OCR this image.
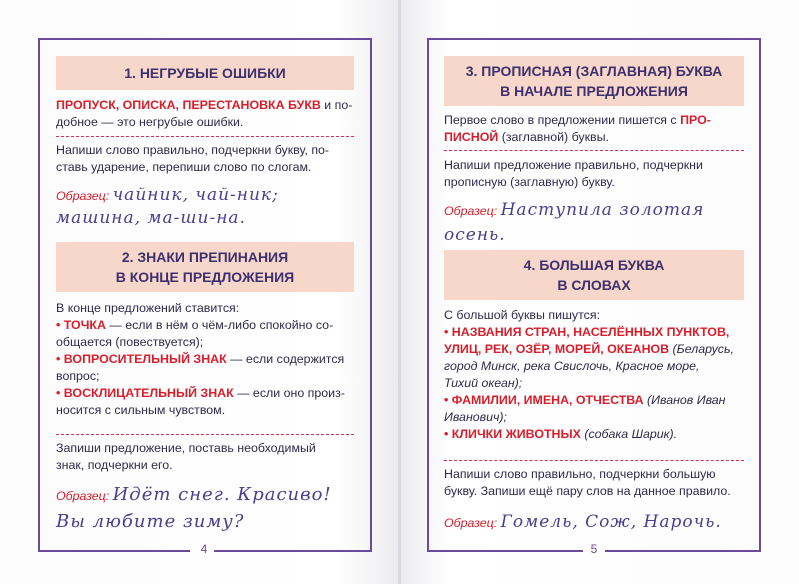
4
1. НЕГРУБЫЕ ОШИБКИ
ПРОПУСК, ОПИСКА, ПЕРЕСТАНОВКА БУКВ и по-
добное — это негрубые ошибки.
Напиши слово правильно, подчеркни букву, по-
ставь ударение, перепиши слово по слогам.
Образец: чайник, чай-ник;
машина, ма-ши-на.
2. ЗНАКИ ПРЕПИНАНИЯ
В КОНЦЕ ПРЕДЛОЖЕНИЯ
В конце предложений ставится:
• ТОЧКА — если в нём о чём-либо спокойно со-
общается (повествуется);
• ВОПРОСИТЕЛЬНЫЙ ЗНАК — если содержится
вопрос;
• ВОСКЛИЦАТЕЛЬНЫЙ ЗНАК — если оно произ-
носится с сильным чувством.
Запиши предложение, поставь необходимый
знак, подчеркни его.
Образец: Идёт снег. Красиво!
Вы любите зиму?
5
3. ПРОПИСНАЯ (ЗАГЛАВНАЯ) БУКВА
В НАЧАЛЕ ПРЕДЛОЖЕНИЯ
Первое слово в предложении пишется с ПРО-
ПИСНОЙ (заглавной) буквы.
Напиши предложение правильно, подчеркни
прописную (заглавную) букву.
Образец: Наступила золотая
осень.
4. БОЛЬШАЯ БУКВА
В СЛОВАХ
С большой буквы пишутся:
• НАЗВАНИЯ СТРАН, НАСЕЛЁННЫХ ПУНКТОВ,
УЛИЦ, РЕК, ОЗЁР, МОРЕЙ, ОКЕАНОВ (Беларусь,
город Минск, река Свислочь, Красное море,
Тихий океан);
• ФАМИЛИИ, ИМЕНА, ОТЧЕСТВА (Иванов Иван
Иванович);
• КЛИЧКИ ЖИВОТНЫХ (собака Шарик).
Напиши слово правильно, подчеркни большую
букву. Запиши ещё пару слов на данное правило.
Образец: Гомель, Сож, Нарочь.
